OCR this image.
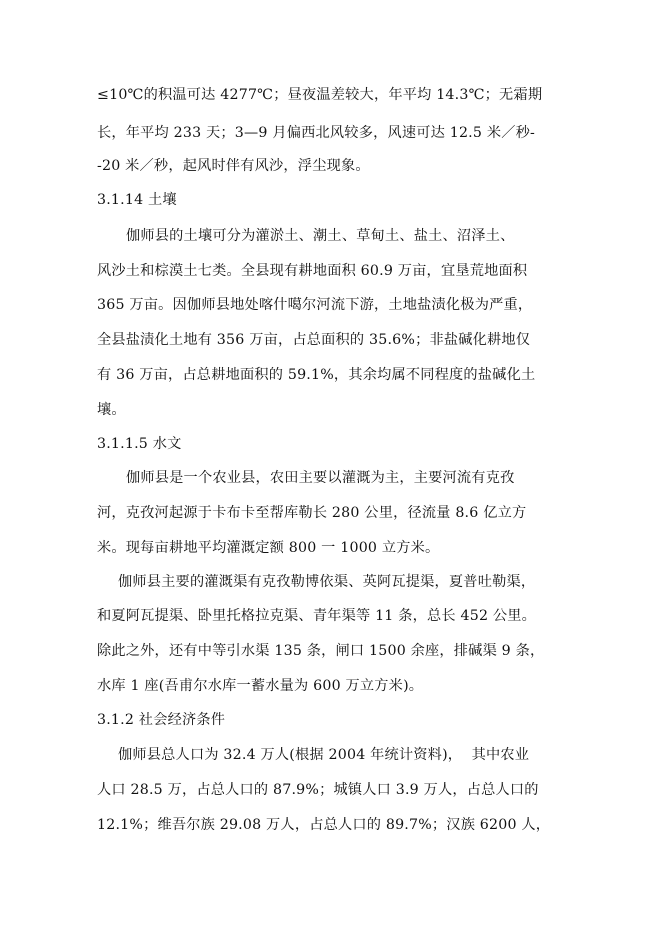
≤10℃的积温可达 4277℃；昼夜温差较大，年平均 14.3℃；无霜期
长，年平均 233 天；3—9 月偏西北风较多，风速可达 12.5 米／秒-
-20 米／秒，起风时伴有风沙，浮尘现象。
3.1.14 土壤
伽师县的土壤可分为灌淤土、潮土、草甸土、盐土、沼泽土、
风沙土和棕漠土七类。全县现有耕地面积 60.9 万亩，宜垦荒地面积
365 万亩。因伽师县地处喀什噶尔河流下游，土地盐渍化极为严重，
全县盐渍化土地有 356 万亩，占总面积的 35.6%；非盐碱化耕地仅
有 36 万亩，占总耕地面积的 59.1%，其余均属不同程度的盐碱化土
壤。
3.1.1.5 水文
伽师县是一个农业县，农田主要以灌溉为主，主要河流有克孜
河，克孜河起源于卡布卡至帮库勒长 280 公里，径流量 8.6 亿立方
米。现每亩耕地平均灌溉定额 800 一 1000 立方米。
伽师县主要的灌溉渠有克孜勒博依渠、英阿瓦提渠，夏普吐勒渠，
和夏阿瓦提渠、卧里托格拉克渠、青年渠等 11 条，总长 452 公里。
除此之外，还有中等引水渠 135 条，闸口 1500 余座，排碱渠 9 条，
水库 1 座(吾甫尔水库一蓄水量为 600 万立方米)。
3.1.2 社会经济条件
伽师县总人口为 32.4 万人(根据 2004 年统计资料)，  其中农业
人口 28.5 万，占总人口的 87.9%；城镇人口 3.9 万人，占总人口的
12.1%；维吾尔族 29.08 万人，占总人口的 89.7%；汉族 6200 人，
